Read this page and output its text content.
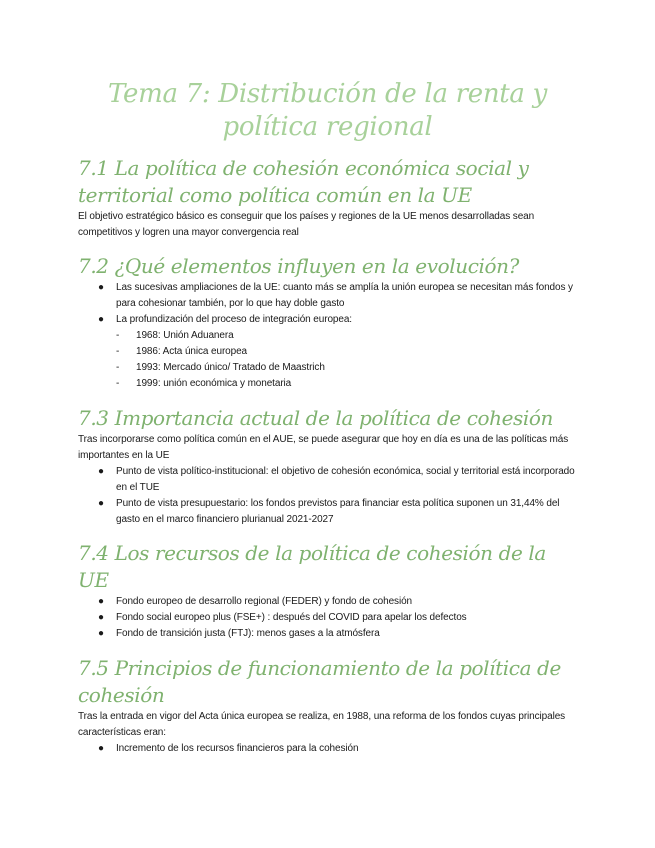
Tema 7: Distribución de la renta y política regional
7.1 La política de cohesión económica social y territorial como política común en la UE

El objetivo estratégico básico es conseguir que los países y regiones de la UE menos desarrolladas sean competitivos y logren una mayor convergencia real

7.2 ¿Qué elementos influyen en la evolución?
● Las sucesivas ampliaciones de la UE: cuanto más se amplía la unión europea se necesitan más fondos y para cohesionar también, por lo que hay doble gasto
● La profundización del proceso de integración europea:
- 1968: Unión Aduanera
- 1986: Acta única europea
- 1993: Mercado único/ Tratado de Maastrich
- 1999: unión económica y monetaria
7.3 Importancia actual de la política de cohesión

Tras incorporarse como política común en el AUE, se puede asegurar que hoy en día es una de las políticas más importantes en la UE

● Punto de vista político-institucional: el objetivo de cohesión económica, social y territorial está incorporado en el TUE
● Punto de vista presupuestario: los fondos previstos para financiar esta política suponen un 31,44% del gasto en el marco financiero plurianual 2021-2027
7.4 Los recursos de la política de cohesión de la UE
● Fondo europeo de desarrollo regional (FEDER) y fondo de cohesión
● Fondo social europeo plus (FSE+) : después del COVID para apelar los defectos
● Fondo de transición justa (FTJ): menos gases a la atmósfera
7.5 Principios de funcionamiento de la política de cohesión

Tras la entrada en vigor del Acta única europea se realiza, en 1988, una reforma de los fondos cuyas principales características eran:

● Incremento de los recursos financieros para la cohesión
